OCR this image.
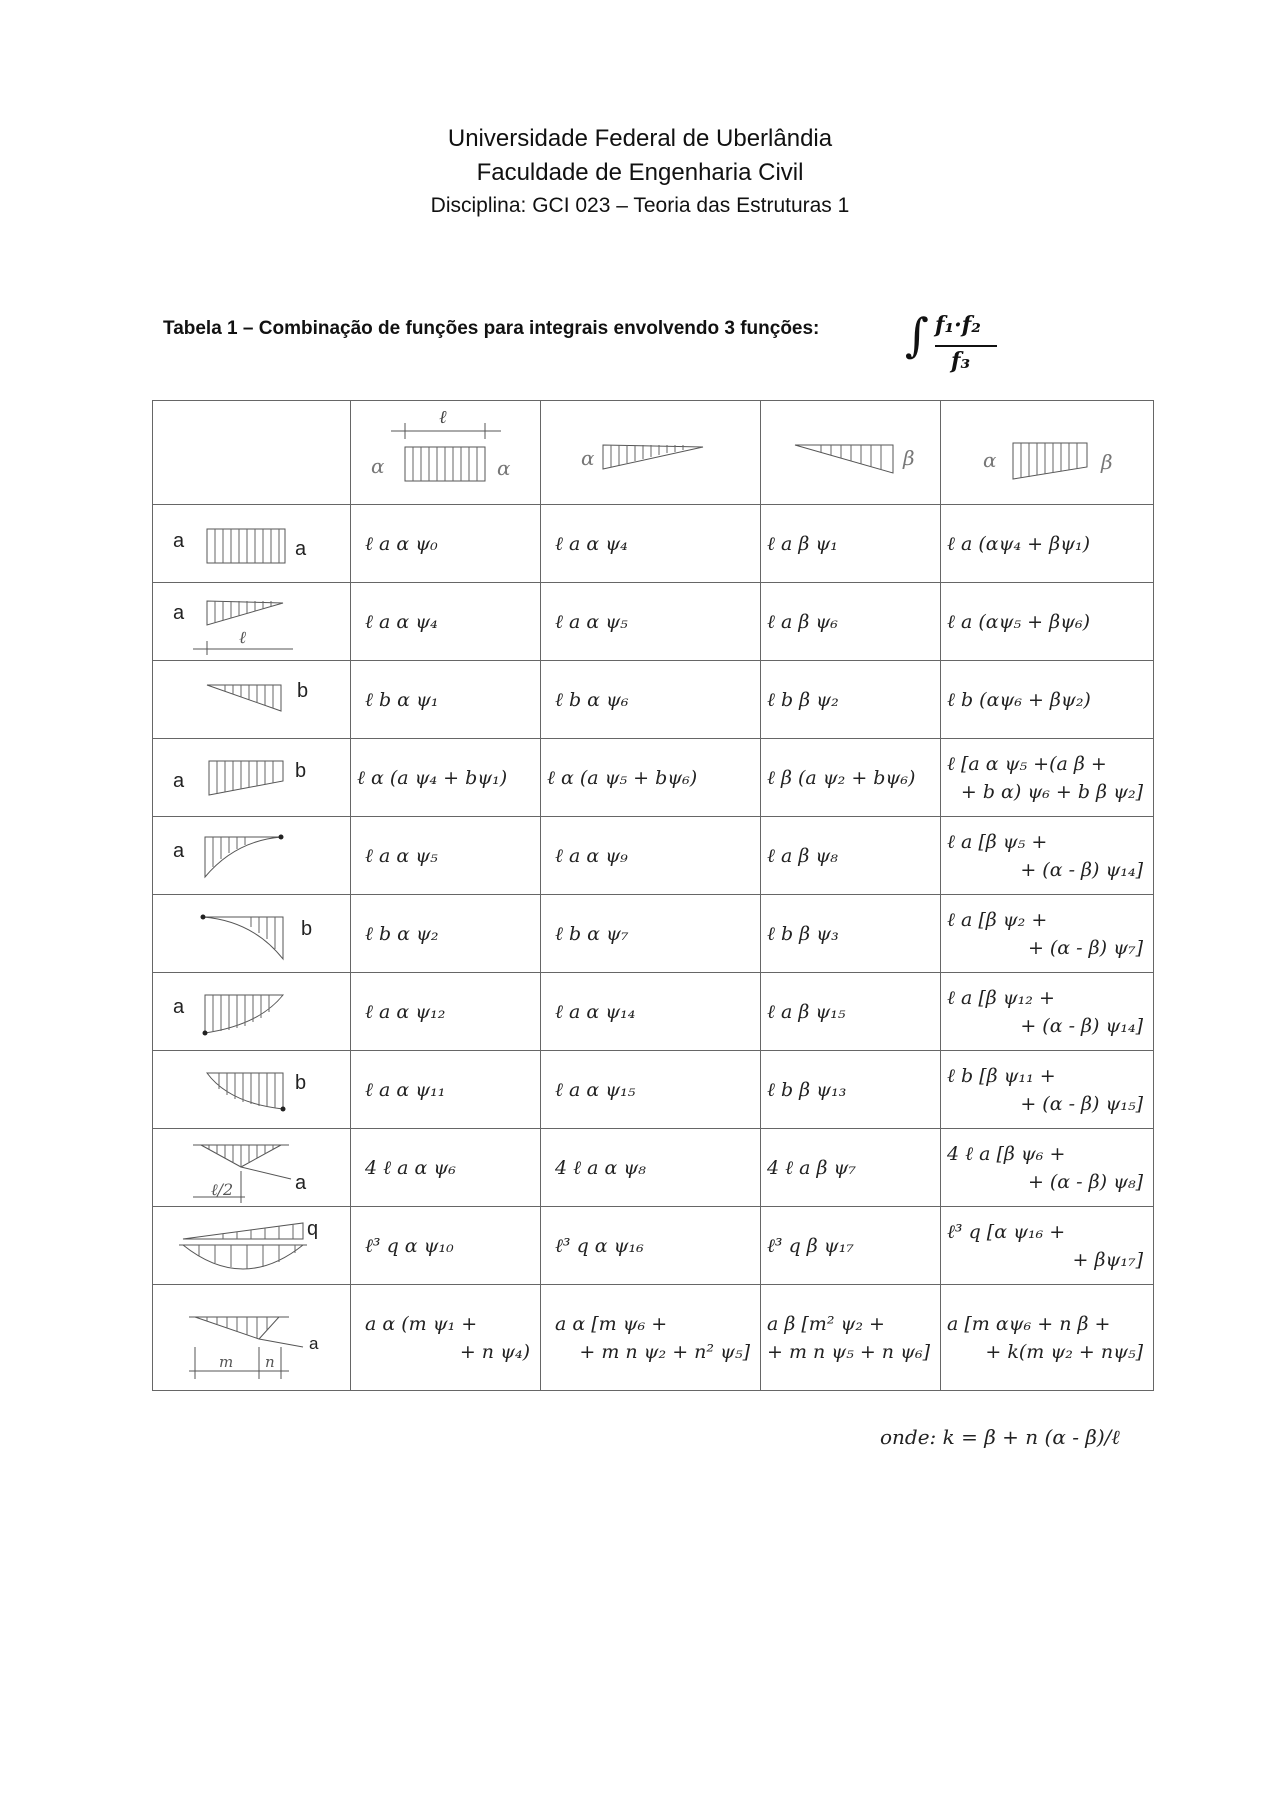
Universidade Federal de Uberlândia
Faculdade de Engenharia Civil
Disciplina: GCI 023 – Teoria das Estruturas 1
Tabela 1 – Combinação de funções para integrais envolvendo 3 funções: ∫ f₁·f₂
f₃

ℓ
α α	α	β	α β

a a	ℓ a α ψ₀	ℓ a α ψ₄	ℓ a β ψ₁	ℓ a (αψ₄ + βψ₁)

a
ℓ	ℓ a α ψ₄	ℓ a α ψ₅	ℓ a β ψ₆	ℓ a (αψ₅ + βψ₆)

b	ℓ b α ψ₁	ℓ b α ψ₆	ℓ b β ψ₂	ℓ b (αψ₆ + βψ₂)

a b	ℓ α (a ψ₄ + bψ₁)	ℓ α (a ψ₅ + bψ₆)	ℓ β (a ψ₂ + bψ₆)	ℓ [a α ψ₅ +(a β +
+ b α) ψ₆ + b β ψ₂]

a	ℓ a α ψ₅	ℓ a α ψ₉	ℓ a β ψ₈	ℓ a [β ψ₅ +
+ (α - β) ψ₁₄]

b	ℓ b α ψ₂	ℓ b α ψ₇	ℓ b β ψ₃	ℓ a [β ψ₂ +
+ (α - β) ψ₇]

a	ℓ a α ψ₁₂	ℓ a α ψ₁₄	ℓ a β ψ₁₅	ℓ a [β ψ₁₂ +
+ (α - β) ψ₁₄]

b	ℓ a α ψ₁₁	ℓ a α ψ₁₅	ℓ b β ψ₁₃	ℓ b [β ψ₁₁ +
+ (α - β) ψ₁₅]

a
ℓ/2	4 ℓ a α ψ₆	4 ℓ a α ψ₈	4 ℓ a β ψ₇	4 ℓ a [β ψ₆ +
+ (α - β) ψ₈]

q	ℓ³ q α ψ₁₀	ℓ³ q α ψ₁₆	ℓ³ q β ψ₁₇	ℓ³ q [α ψ₁₆ +
+ βψ₁₇]

a
m n	a α (m ψ₁ +
+ n ψ₄)	a α [m ψ₆ +
+ m n ψ₂ + n² ψ₅]	a β [m² ψ₂ +
+ m n ψ₅ + n ψ₆]	a [m αψ₆ + n β +
+ k(m ψ₂ + nψ₅]
onde: k = β + n (α - β)/ℓ
